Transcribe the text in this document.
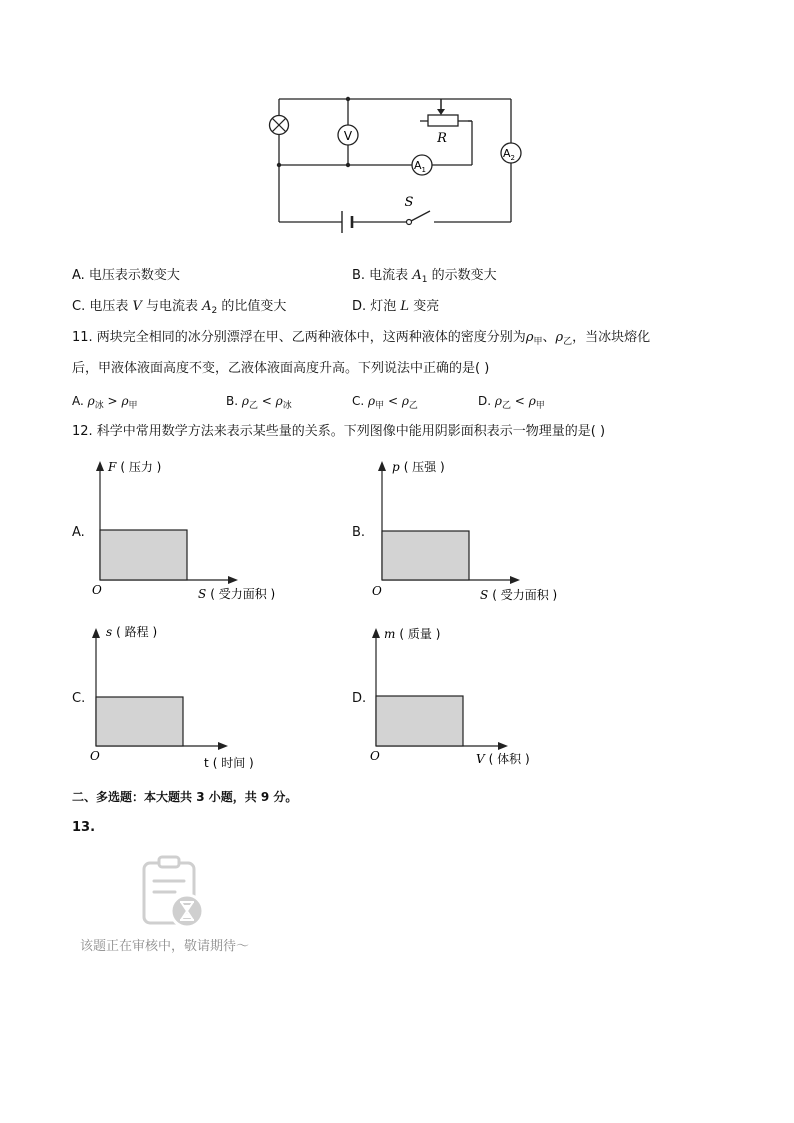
S
V	R
$A_1$
$A_2$
A. 电压表示数变大	B. 电流表 $A_1$ 的示数变大
C. 电压表 V 与电流表 $A_2$ 的比值变大	D. 灯泡 L 变亮
11. 两块完全相同的冰分别漂浮在甲、乙两种液体中，这两种液体的密度分别为$\rho_甲$、$\rho_乙$，当冰块熔化
后，甲液体液面高度不变，乙液体液面高度升高。下列说法中正确的是( )
A. $\rho_冰 > \rho_甲$	B. $\rho_乙 < \rho_冰$	C. $\rho_甲 < \rho_乙$	D. $\rho_乙 < \rho_甲$
12. 科学中常用数学方法来表示某些量的关系。下列图像中能用阴影面积表示一物理量的是( )
A.
O
F ( 压力 )
S ( 受力面积 )
B.
O
p ( 压强 )
S ( 受力面积 )
C.
O
s ( 路程 )
t ( 时间 )
D.
O
m ( 质量 )
V ( 体积 )
二、多选题：本大题共 3 小题，共 9 分。
13.
该题正在审核中，敬请期待～
